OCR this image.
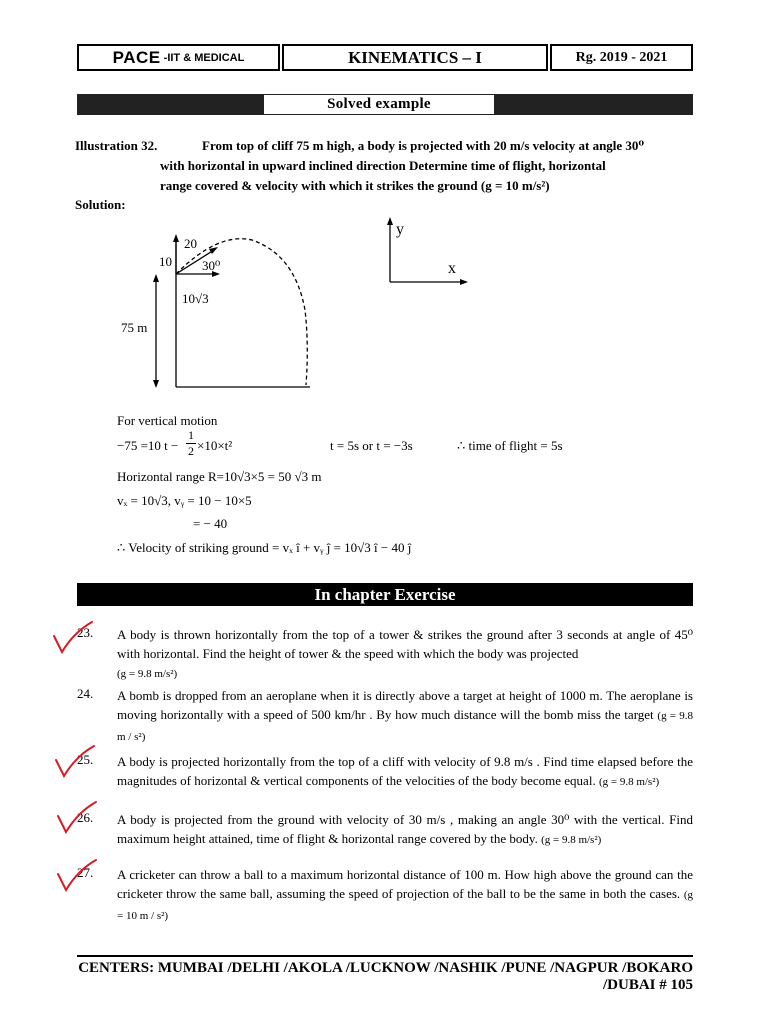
PACE -IIT & MEDICAL	KINEMATICS – I	Rg. 2019 - 2021
Solved example
Illustration 32.	From top of cliff 75 m high, a body is projected with 20 m/s velocity at angle 30⁰
with horizontal in upward inclined direction Determine time of flight, horizontal
range covered & velocity with which it strikes the ground (g = 10 m/s²)
Solution:
20
10 30⁰
10√3
75 m
y
x
For vertical motion
−75 =10 $t - \frac{1}{2} \times 10\times t^2$	t = 5s or t = −3s	∴ time of flight = 5s
Horizontal range R=10√3×5 = 50 √3 m
vₓ = 10√3, vᵧ = 10 − 10×5
= − 40
∴ Velocity of striking ground = vₓ î + vᵧ ĵ = 10√3 î − 40 ĵ
In chapter Exercise
23. A body is thrown horizontally from the top of a tower & strikes the ground after 3 seconds at angle of 45⁰ with horizontal. Find the height of tower & the speed with which the body was projected
(g = 9.8 m/s²)
24. A bomb is dropped from an aeroplane when it is directly above a target at height of 1000 m. The aeroplane is moving horizontally with a speed of 500 km/hr . By how much distance will the bomb miss the target (g = 9.8 m / s²)
25. A body is projected horizontally from the top of a cliff with velocity of 9.8 m/s . Find time elapsed before the magnitudes of horizontal & vertical components of the velocities of the body become equal. (g = 9.8 m/s²)
26. A body is projected from the ground with velocity of 30 m/s , making an angle 30⁰ with the vertical. Find maximum height attained, time of flight & horizontal range covered by the body. (g = 9.8 m/s²)
27. A cricketer can throw a ball to a maximum horizontal distance of 100 m. How high above the ground can the cricketer throw the same ball, assuming the speed of projection of the ball to be the same in both the cases. (g = 10 m / s²)
CENTERS: MUMBAI /DELHI /AKOLA /LUCKNOW /NASHIK /PUNE /NAGPUR /BOKARO /DUBAI # 105
